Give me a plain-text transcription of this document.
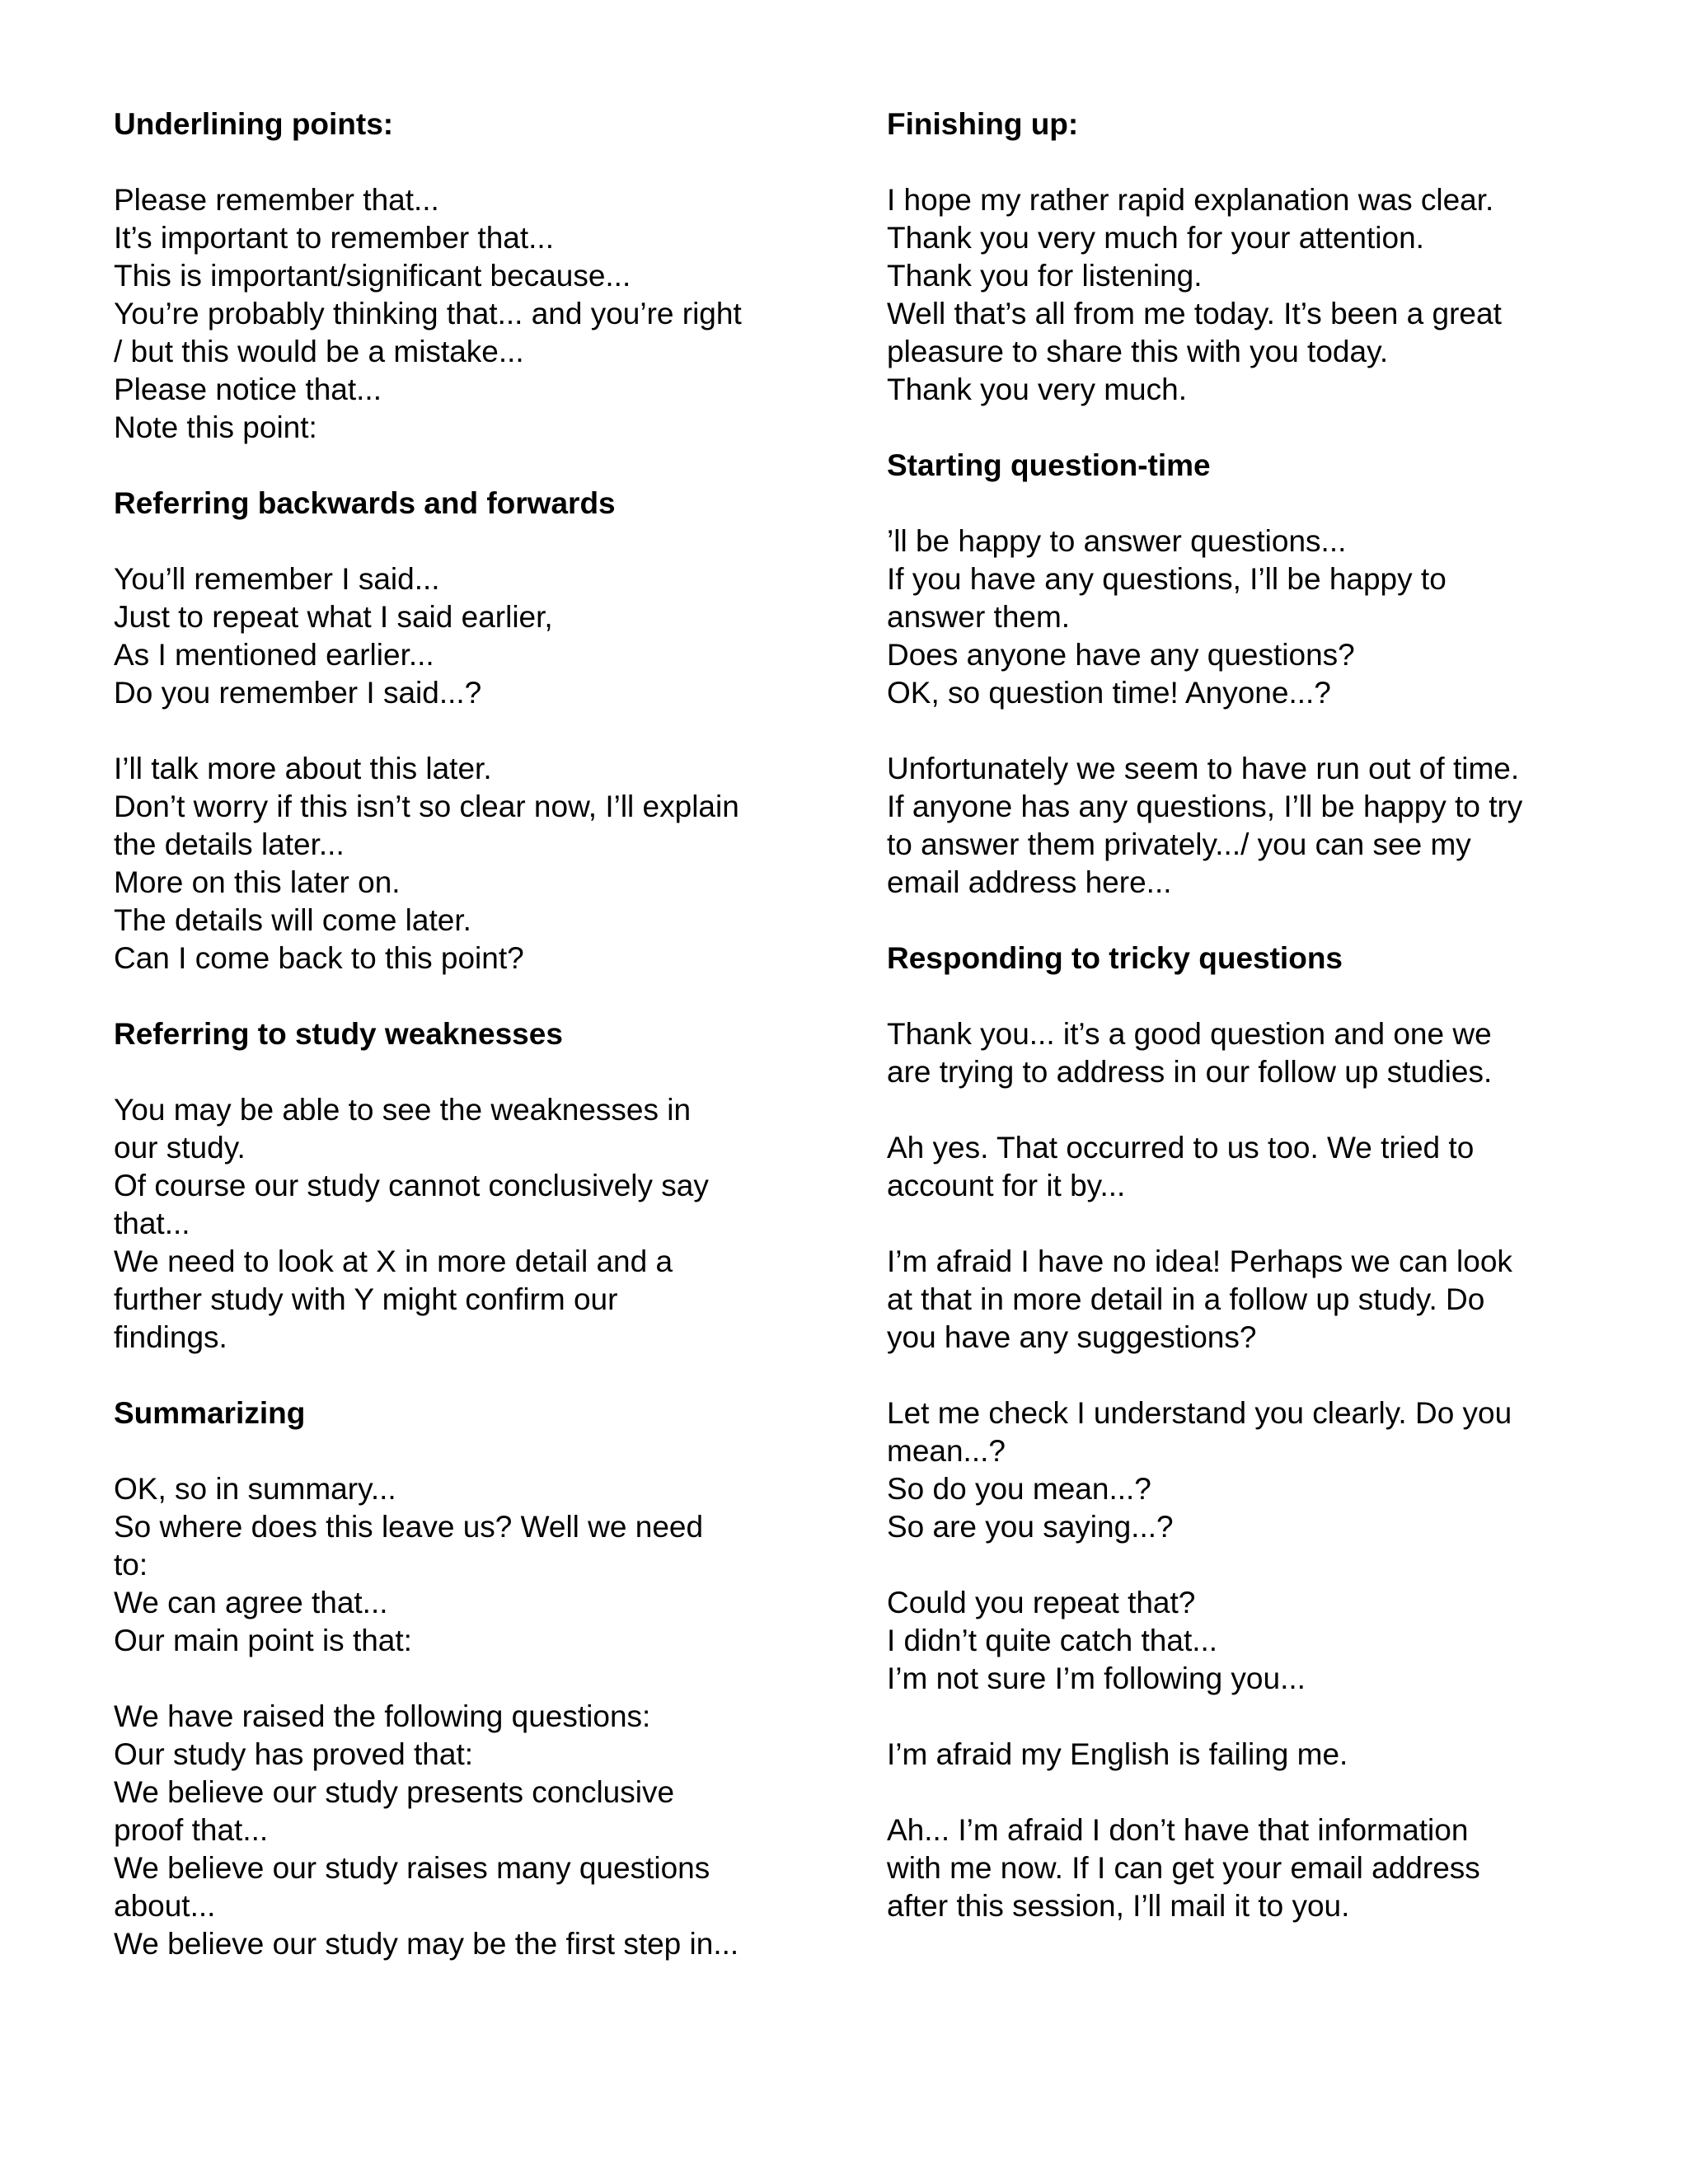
Underlining points:
Please remember that...
It’s important to remember that...
This is important/significant because...
You’re probably thinking that... and you’re right
/ but this would be a mistake...
Please notice that...
Note this point:
Referring backwards and forwards
You’ll remember I said...
Just to repeat what I said earlier,
As I mentioned earlier...
Do you remember I said...?
I’ll talk more about this later.
Don’t worry if this isn’t so clear now, I’ll explain
the details later...
More on this later on.
The details will come later.
Can I come back to this point?
Referring to study weaknesses
You may be able to see the weaknesses in
our study.
Of course our study cannot conclusively say
that...
We need to look at X in more detail and a
further study with Y might confirm our
findings.
Summarizing
OK, so in summary...
So where does this leave us? Well we need
to:
We can agree that...
Our main point is that:
We have raised the following questions:
Our study has proved that:
We believe our study presents conclusive
proof that...
We believe our study raises many questions
about...
We believe our study may be the first step in...
Finishing up:
I hope my rather rapid explanation was clear.
Thank you very much for your attention.
Thank you for listening.
Well that’s all from me today. It’s been a great
pleasure to share this with you today.
Thank you very much.
Starting question-time
’ll be happy to answer questions...
If you have any questions, I’ll be happy to
answer them.
Does anyone have any questions?
OK, so question time! Anyone...?
Unfortunately we seem to have run out of time.
If anyone has any questions, I’ll be happy to try
to answer them privately.../ you can see my
email address here...
Responding to tricky questions
Thank you... it’s a good question and one we
are trying to address in our follow up studies.
Ah yes. That occurred to us too. We tried to
account for it by...
I’m afraid I have no idea! Perhaps we can look
at that in more detail in a follow up study. Do
you have any suggestions?
Let me check I understand you clearly. Do you
mean...?
So do you mean...?
So are you saying...?
Could you repeat that?
I didn’t quite catch that...
I’m not sure I’m following you...
I’m afraid my English is failing me.
Ah... I’m afraid I don’t have that information
with me now. If I can get your email address
after this session, I’ll mail it to you.
